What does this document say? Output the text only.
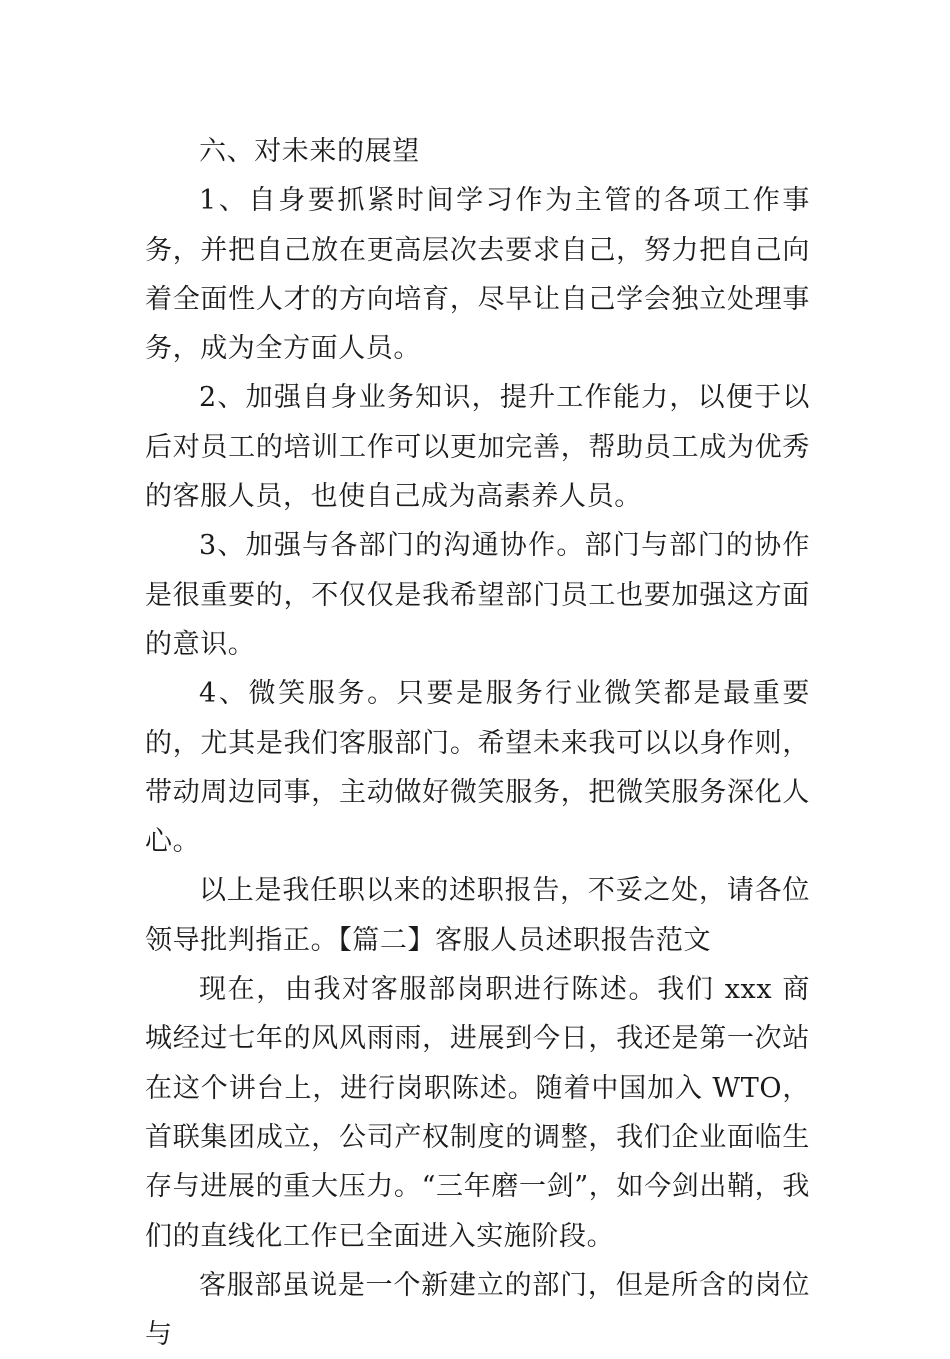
六、对未来的展望

1、自身要抓紧时间学习作为主管的各项工作事务，并把自己放在更高层次去要求自己，努力把自己向着全面性人才的方向培育，尽早让自己学会独立处理事务，成为全方面人员。

2、加强自身业务知识，提升工作能力，以便于以后对员工的培训工作可以更加完善，帮助员工成为优秀的客服人员，也使自己成为高素养人员。

3、加强与各部门的沟通协作。部门与部门的协作是很重要的，不仅仅是我希望部门员工也要加强这方面的意识。

4、微笑服务。只要是服务行业微笑都是最重要的，尤其是我们客服部门。希望未来我可以以身作则，带动周边同事，主动做好微笑服务，把微笑服务深化人心。

以上是我任职以来的述职报告，不妥之处，请各位领导批判指正。【篇二】客服人员述职报告范文

现在，由我对客服部岗职进行陈述。我们 xxx 商城经过七年的风风雨雨，进展到今日，我还是第一次站在这个讲台上，进行岗职陈述。随着中国加入 WTO，首联集团成立，公司产权制度的调整，我们企业面临生存与进展的重大压力。“三年磨一剑”，如今剑出鞘，我们的直线化工作已全面进入实施阶段。

客服部虽说是一个新建立的部门，但是所含的岗位与
